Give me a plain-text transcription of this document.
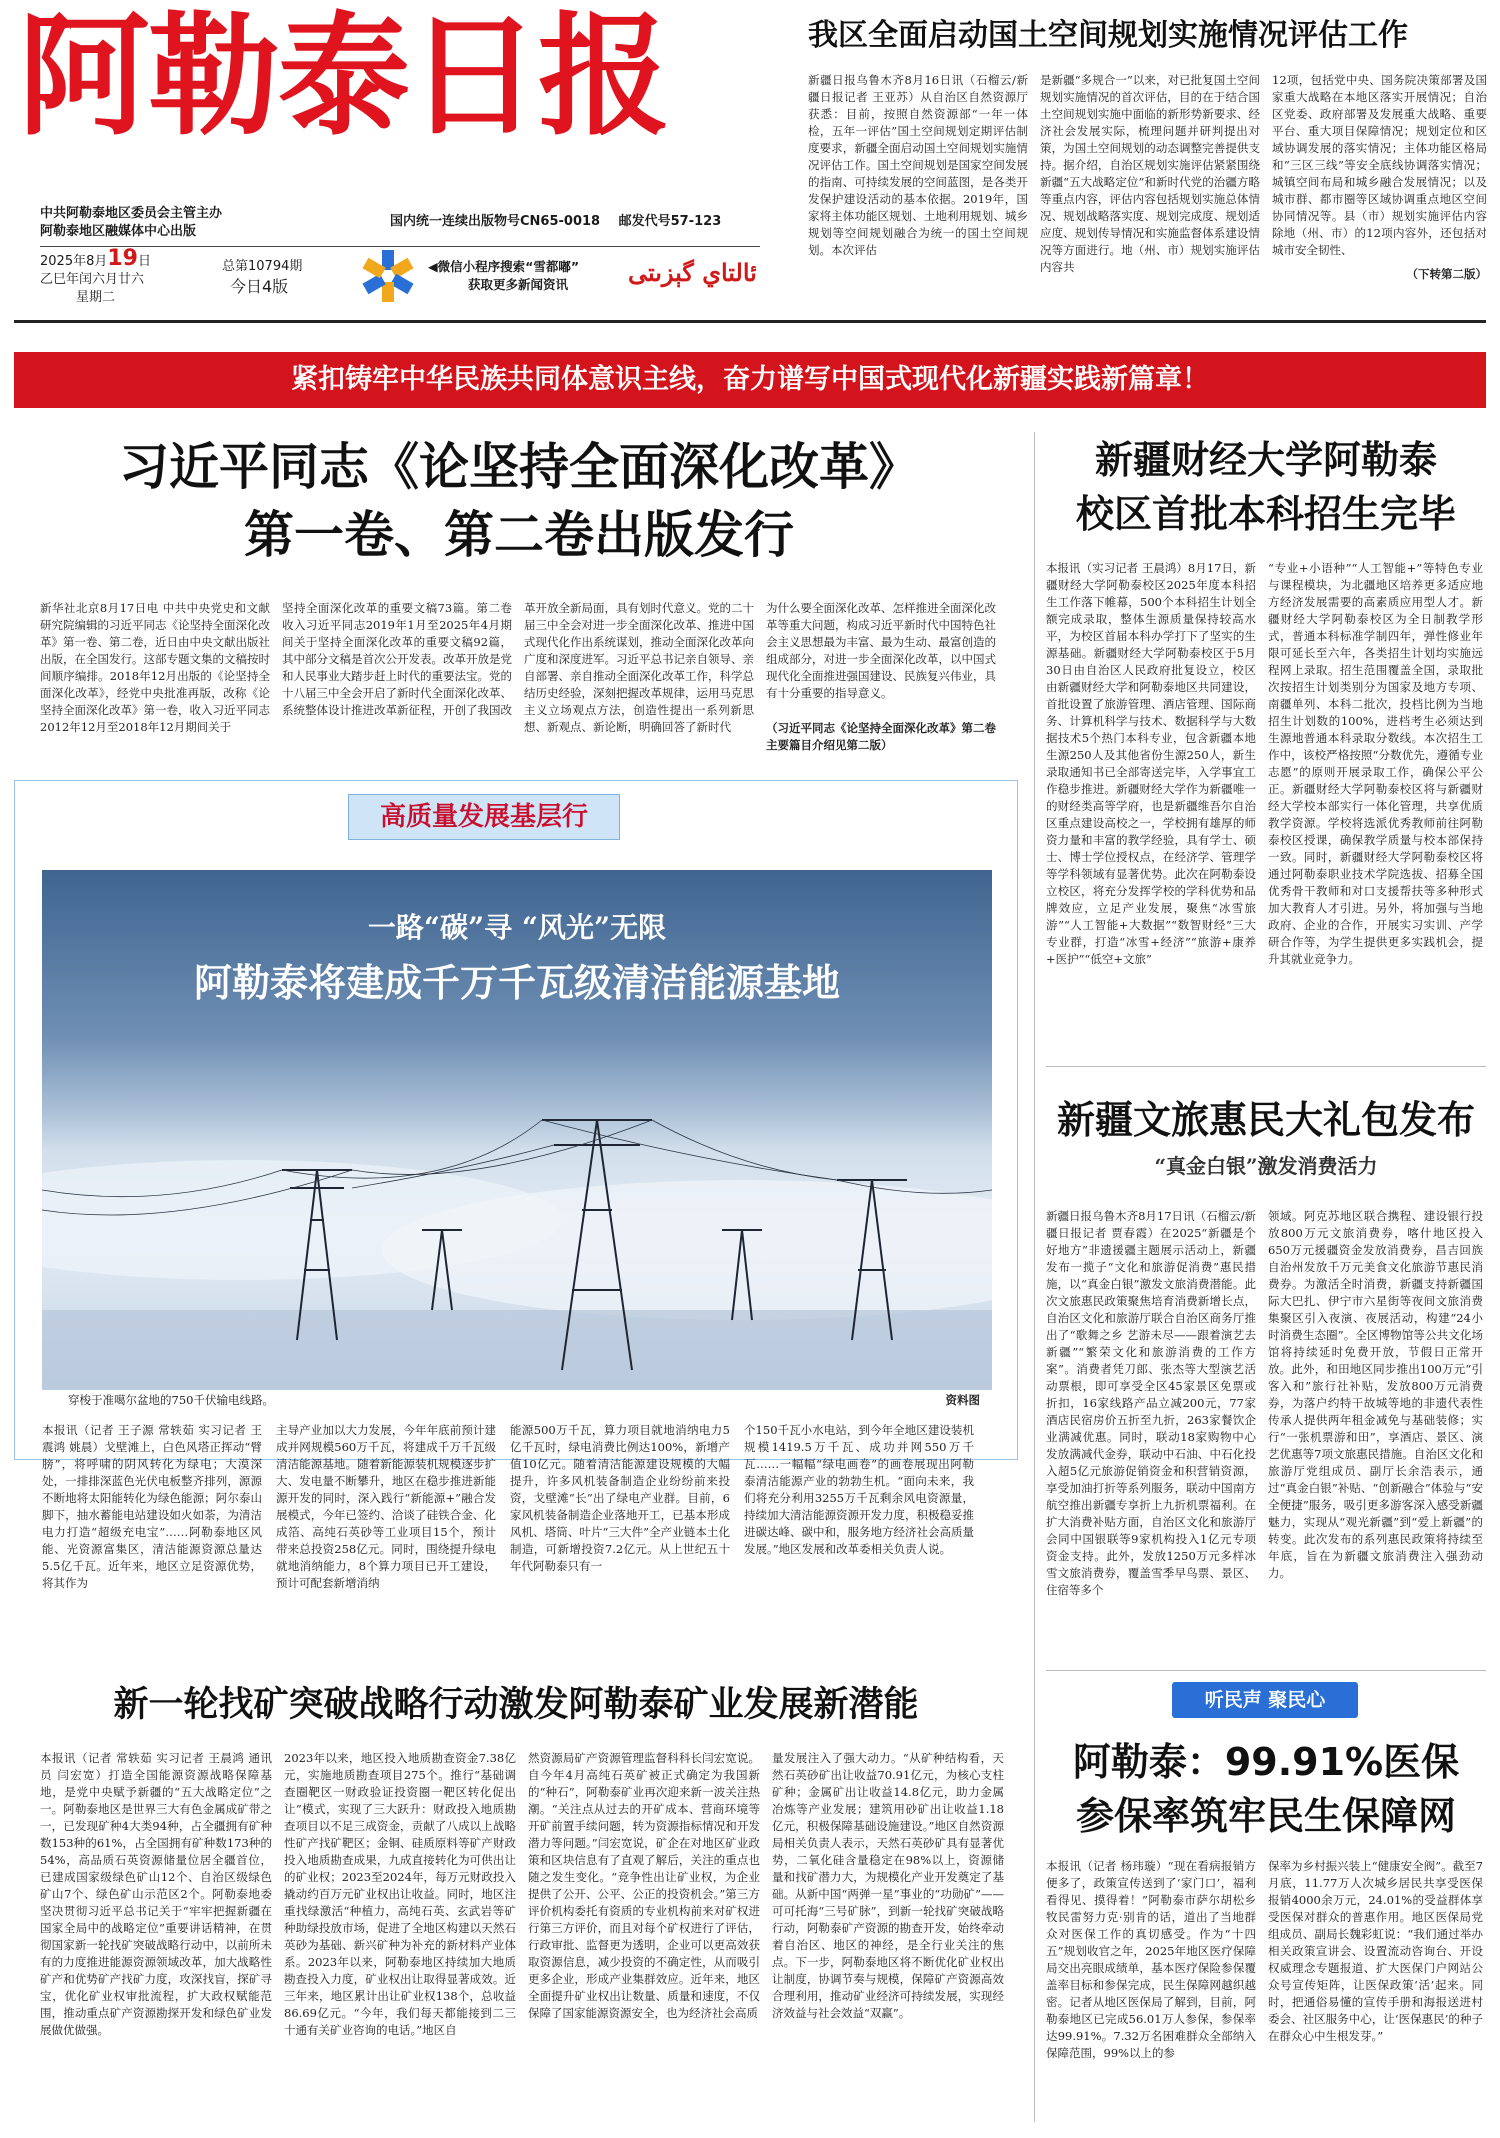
阿勒泰日报
中共阿勒泰地区委员会主管主办
阿勒泰地区融媒体中心出版
国内统一连续出版物号CN65-0018 邮发代号57-123
2025年8月19日
乙巳年闰六月廿六
星期二
总第10794期
今日4版
◀微信小程序搜索“雪都嘟”
获取更多新闻资讯	ئالتاي گېزىتى
我区全面启动国土空间规划实施情况评估工作
新疆日报乌鲁木齐8月16日讯（石榴云/新疆日报记者 王亚苏）从自治区自然资源厅获悉：目前，按照自然资源部“一年一体检，五年一评估”国土空间规划定期评估制度要求，新疆全面启动国土空间规划实施情况评估工作。国土空间规划是国家空间发展的指南、可持续发展的空间蓝图，是各类开发保护建设活动的基本依据。2019年，国家将主体功能区规划、土地利用规划、城乡规划等空间规划融合为统一的国土空间规划。本次评估
是新疆“多规合一”以来，对已批复国土空间规划实施情况的首次评估，目的在于结合国土空间规划实施中面临的新形势新要求、经济社会发展实际，梳理问题并研判提出对策，为国土空间规划的动态调整完善提供支持。据介绍，自治区规划实施评估紧紧围绕新疆“五大战略定位”和新时代党的治疆方略等重点内容，评估内容包括规划实施总体情况、规划战略落实度、规划完成度、规划适应度、规划传导情况和实施监督体系建设情况等方面进行。地（州、市）规划实施评估内容共
12项，包括党中央、国务院决策部署及国家重大战略在本地区落实开展情况；自治区党委、政府部署及发展重大战略、重要平台、重大项目保障情况；规划定位和区域协调发展的落实情况；主体功能区格局和“三区三线”等安全底线协调落实情况；城镇空间布局和城乡融合发展情况；以及城市群、都市圈等区域协调重点地区空间协同情况等。县（市）规划实施评估内容除地（州、市）的12项内容外，还包括对城市安全韧性、
（下转第二版）
紧扣铸牢中华民族共同体意识主线，奋力谱写中国式现代化新疆实践新篇章！
习近平同志《论坚持全面深化改革》
第一卷、第二卷出版发行
新华社北京8月17日电 中共中央党史和文献研究院编辑的习近平同志《论坚持全面深化改革》第一卷、第二卷，近日由中央文献出版社出版，在全国发行。这部专题文集的文稿按时间顺序编排。2018年12月出版的《论坚持全面深化改革》，经党中央批准再版，改称《论坚持全面深化改革》第一卷，收入习近平同志2012年12月至2018年12月期间关于
坚持全面深化改革的重要文稿73篇。第二卷收入习近平同志2019年1月至2025年4月期间关于坚持全面深化改革的重要文稿92篇，其中部分文稿是首次公开发表。改革开放是党和人民事业大踏步赶上时代的重要法宝。党的十八届三中全会开启了新时代全面深化改革、系统整体设计推进改革新征程，开创了我国改
革开放全新局面，具有划时代意义。党的二十届三中全会对进一步全面深化改革、推进中国式现代化作出系统谋划，推动全面深化改革向广度和深度进军。习近平总书记亲自领导、亲自部署、亲自推动全面深化改革工作，科学总结历史经验，深刻把握改革规律，运用马克思主义立场观点方法，创造性提出一系列新思想、新观点、新论断，明确回答了新时代
为什么要全面深化改革、怎样推进全面深化改革等重大问题，构成习近平新时代中国特色社会主义思想最为丰富、最为生动、最富创造的组成部分，对进一步全面深化改革，以中国式现代化全面推进强国建设、民族复兴伟业，具有十分重要的指导意义。
（习近平同志《论坚持全面深化改革》第二卷主要篇目介绍见第二版）
高质量发展基层行
一路“碳”寻 “风光”无限
阿勒泰将建成千万千瓦级清洁能源基地
穿梭于准噶尔盆地的750千伏输电线路。	资料图
本报讯（记者 王子源 常轶茹 实习记者 王震鸿 姚晨）戈壁滩上，白色风塔正挥动“臂膀”，将呼啸的阴风转化为绿电；大漠深处，一排排深蓝色光伏电板整齐排列，源源不断地将太阳能转化为绿色能源；阿尔泰山脚下，抽水蓄能电站建设如火如荼，为清洁电力打造“超级充电宝”……阿勒泰地区风能、光资源富集区，清洁能源资源总量达5.5亿千瓦。近年来，地区立足资源优势，将其作为
主导产业加以大力发展，今年年底前预计建成并网规模560万千瓦，将建成千万千瓦级清洁能源基地。随着新能源装机规模逐步扩大、发电量不断攀升，地区在稳步推进新能源开发的同时，深入践行“新能源+”融合发展模式，今年已签约、洽谈了硅铁合金、化成箔、高纯石英砂等工业项目15个，预计带来总投资258亿元。同时，围绕提升绿电就地消纳能力，8个算力项目已开工建设，预计可配套新增消纳
能源500万千瓦，算力项目就地消纳电力5亿千瓦时，绿电消费比例达100%，新增产值10亿元。随着清洁能源建设规模的大幅提升，许多风机装备制造企业纷纷前来投资，戈壁滩“长”出了绿电产业群。目前，6家风机装备制造企业落地开工，已基本形成风机、塔筒、叶片“三大件”全产业链本土化制造，可新增投资7.2亿元。从上世纪五十年代阿勒泰只有一
个150千瓦小水电站，到今年全地区建设装机规模1419.5万千瓦、成功并网550万千瓦……一幅幅“绿电画卷”的画卷展现出阿勒泰清洁能源产业的勃勃生机。“面向未来，我们将充分利用3255万千瓦剩余风电资源量，持续加大清洁能源资源开发力度，积极稳妥推进碳达峰、碳中和，服务地方经济社会高质量发展。”地区发展和改革委相关负责人说。
新一轮找矿突破战略行动激发阿勒泰矿业发展新潜能
本报讯（记者 常轶茹 实习记者 王晨鸿 通讯员 闫宏宽）打造全国能源资源战略保障基地，是党中央赋予新疆的“五大战略定位”之一。阿勒泰地区是世界三大有色金属成矿带之一，已发现矿种4大类94种，占全疆拥有矿种数153种的61%，占全国拥有矿种数173种的54%，高品质石英资源储量位居全疆首位，已建成国家级绿色矿山12个、自治区级绿色矿山7个、绿色矿山示范区2个。阿勒泰地委坚决贯彻习近平总书记关于“牢牢把握新疆在国家全局中的战略定位”重要讲话精神，在贯彻国家新一轮找矿突破战略行动中，以前所未有的力度推进能源资源领域改革，加大战略性矿产和优势矿产找矿力度，攻深找盲，探矿寻宝，优化矿业权审批流程，扩大政权赋能范围，推动重点矿产资源勘探开发和绿色矿业发展做优做强。
2023年以来，地区投入地质勘查资金7.38亿元，实施地质勘查项目275个。推行“基础调查圈靶区一财政验证投资圈一靶区转化促出让”模式，实现了三大跃升：财政投入地质勘查项目以不足三成资金，贡献了八成以上战略性矿产找矿靶区；金铜、硅质原料等矿产财政投入地质勘查成果，九成直接转化为可供出让的矿业权；2023至2024年，每万元财政投入撬动约百万元矿业权出让收益。同时，地区注重找绿激活“种植力，高纯石英、玄武岩等矿种助绿投放市场，促进了全地区构建以天然石英砂为基础、新兴矿种为补充的新材料产业体系。2023年以来，阿勒泰地区持续加大地质勘查投入力度，矿业权出让取得显著成效。近三年来，地区累计出让矿业权138个，总收益86.69亿元。“今年，我们每天都能接到二三十通有关矿业咨询的电话。”地区自
然资源局矿产资源管理监督科科长闫宏宽说。自今年4月高纯石英矿被正式确定为我国新的“种石”，阿勒泰矿业再次迎来新一波关注热潮。“关注点从过去的开矿成本、营商环境等开矿前置手续问题，转为资源指标情况和开发潜力等问题。”闫宏宽说，矿企在对地区矿业政策和区块信息有了直观了解后，关注的重点也随之发生变化。“竞争性出让矿业权，为企业提供了公开、公平、公正的投资机会。”第三方评价机构委托有资质的专业机构前来对矿权进行第三方评价，而且对每个矿权进行了评估，行政审批、监督更为透明，企业可以更高效获取资源信息，减少投资的不确定性，从而吸引更多企业，形成产业集群效应。近年来，地区全面提升矿业权出让数量、质量和速度，不仅保障了国家能源资源安全，也为经济社会高质
量发展注入了强大动力。“从矿种结构看，天然石英砂矿出让收益70.91亿元，为核心支柱矿种；金属矿出让收益14.8亿元，助力金属冶炼等产业发展；建筑用砂矿出让收益1.18亿元，积极保障基础设施建设。”地区自然资源局相关负责人表示，天然石英砂矿具有显著优势，二氧化硅含量稳定在98%以上，资源储量和找矿潜力大，为规模化产业开发奠定了基础。从新中国“两弹一星”事业的“功勋矿”——可可托海“三号矿脉”，到新一轮找矿突破战略行动，阿勒泰矿产资源的勘查开发，始终牵动着自治区、地区的神经，是全行业关注的焦点。下一步，阿勒泰地区将不断优化矿业权出让制度，协调节奏与规模，保障矿产资源高效合理利用，推动矿业经济可持续发展，实现经济效益与社会效益“双赢”。
新疆财经大学阿勒泰
校区首批本科招生完毕
本报讯（实习记者 王晨鸿）8月17日，新疆财经大学阿勒泰校区2025年度本科招生工作落下帷幕，500个本科招生计划全额完成录取，整体生源质量保持较高水平，为校区首届本科办学打下了坚实的生源基础。新疆财经大学阿勒泰校区于5月30日由自治区人民政府批复设立，校区由新疆财经大学和阿勒泰地区共同建设，首批设置了旅游管理、酒店管理、国际商务、计算机科学与技术、数据科学与大数据技术5个热门本科专业，包含新疆本地生源250人及其他省份生源250人，新生录取通知书已全部寄送完毕，入学事宜工作稳步推进。新疆财经大学作为新疆唯一的财经类高等学府，也是新疆维吾尔自治区重点建设高校之一，学校拥有雄厚的师资力量和丰富的教学经验，具有学士、硕士、博士学位授权点，在经济学、管理学等学科领域有显著优势。此次在阿勒泰设立校区，将充分发挥学校的学科优势和品牌效应，立足产业发展，聚焦“冰雪旅游”“人工智能+大数据”“数智财经”三大专业群，打造“冰雪+经济”“旅游+康养+医护”“低空+文旅”
“专业+小语种”“人工智能+”等特色专业与课程模块，为北疆地区培养更多适应地方经济发展需要的高素质应用型人才。新疆财经大学阿勒泰校区为全日制教学形式，普通本科标准学制四年，弹性修业年限可延长至六年，各类招生计划均实施远程网上录取。招生范围覆盖全国，录取批次按招生计划类别分为国家及地方专项、南疆单列、本科二批次，投档比例为当地招生计划数的100%，进档考生必须达到生源地普通本科录取分数线。本次招生工作中，该校严格按照“分数优先，遵循专业志愿”的原则开展录取工作，确保公平公正。新疆财经大学阿勒泰校区将与新疆财经大学校本部实行一体化管理，共享优质教学资源。学校将选派优秀教师前往阿勒泰校区授课，确保教学质量与校本部保持一致。同时，新疆财经大学阿勒泰校区将通过阿勒泰职业技术学院选拔、招募全国优秀骨干教师和对口支援帮扶等多种形式加大教育人才引进。另外，将加强与当地政府、企业的合作，开展实习实训、产学研合作等，为学生提供更多实践机会，提升其就业竞争力。
新疆文旅惠民大礼包发布
“真金白银”激发消费活力
新疆日报乌鲁木齐8月17日讯（石榴云/新疆日报记者 贾春霞）在2025“新疆是个好地方”非遗援疆主题展示活动上，新疆发布一揽子“文化和旅游促消费”惠民措施，以“真金白银”激发文旅消费潜能。此次文旅惠民政策聚焦培育消费新增长点，自治区文化和旅游厅联合自治区商务厅推出了“歌舞之乡 艺游未尽——跟着演艺去新疆”“繁荣文化和旅游消费的工作方案”。消费者凭刀郎、张杰等大型演艺活动票根，即可享受全区45家景区免票或折扣，16家线路产品立减200元，77家酒店民宿房价五折至九折，263家餐饮企业满减优惠。同时，联动18家购物中心发放满减代金券，联动中石油、中石化投入超5亿元旅游促销资金和积营销资源，享受加油打折等系列服务，联动中国南方航空推出新疆专享折上九折机票福利。在扩大消费补贴方面，自治区文化和旅游厅会同中国银联等9家机构投入1亿元专项资金支持。此外，发放1250万元多样冰雪文旅消费券，覆盖雪季早鸟票、景区、住宿等多个
领域。阿克苏地区联合携程、建设银行投放800万元文旅消费券，喀什地区投入650万元援疆资金发放消费券，昌吉回族自治州发放千万元美食文化旅游节惠民消费券。为激活全时消费，新疆支持新疆国际大巴扎、伊宁市六星街等夜间文旅消费集聚区引入夜演、夜展活动，构建“24小时消费生态圈”。全区博物馆等公共文化场馆将持续延时免费开放，节假日正常开放。此外，和田地区同步推出100万元“引客入和”旅行社补贴，发放800万元消费券，为落户约特干故城等地的非遗代表性传承人提供两年租金减免与基础装修；实行“一张机票游和田”，享酒店、景区、演艺优惠等7项文旅惠民措施。自治区文化和旅游厅党组成员、副厅长余浩表示，通过“真金白银”补贴、“创新融合”体验与“安全便捷”服务，吸引更多游客深入感受新疆魅力，实现从“观光新疆”到“爱上新疆”的转变。此次发布的系列惠民政策将持续至年底，旨在为新疆文旅消费注入强劲动力。
听民声 聚民心
阿勒泰：99.91%医保
参保率筑牢民生保障网
本报讯（记者 杨玮璇）“现在看病报销方便多了，政策宣传送到了‘家门口’，福利看得见、摸得着！”阿勒泰市萨尔胡松乡牧民雷努力克·别肯的话，道出了当地群众对医保工作的真切感受。作为“十四五”规划收官之年，2025年地区医疗保障局交出亮眼成绩单，基本医疗保险参保覆盖率目标和参保完成，民生保障网越织越密。记者从地区医保局了解到，目前，阿勒泰地区已完成56.01万人参保，参保率达99.91%。7.32万名困难群众全部纳入保障范围，99%以上的参
保率为乡村振兴装上“健康安全阀”。截至7月底，11.77万人次城乡居民共享受医保报销4000余万元，24.01%的受益群体享受医保对群众的普惠作用。地区医保局党组成员、副局长魏彩虹说：“我们通过举办相关政策宣讲会、设置流动咨询台、开设权威理念专题报道、扩大医保门户网站公众号宣传矩阵，让医保政策‘活’起来。同时，把通俗易懂的宣传手册和海报送进村委会、社区服务中心，让‘医保惠民’的种子在群众心中生根发芽。”
